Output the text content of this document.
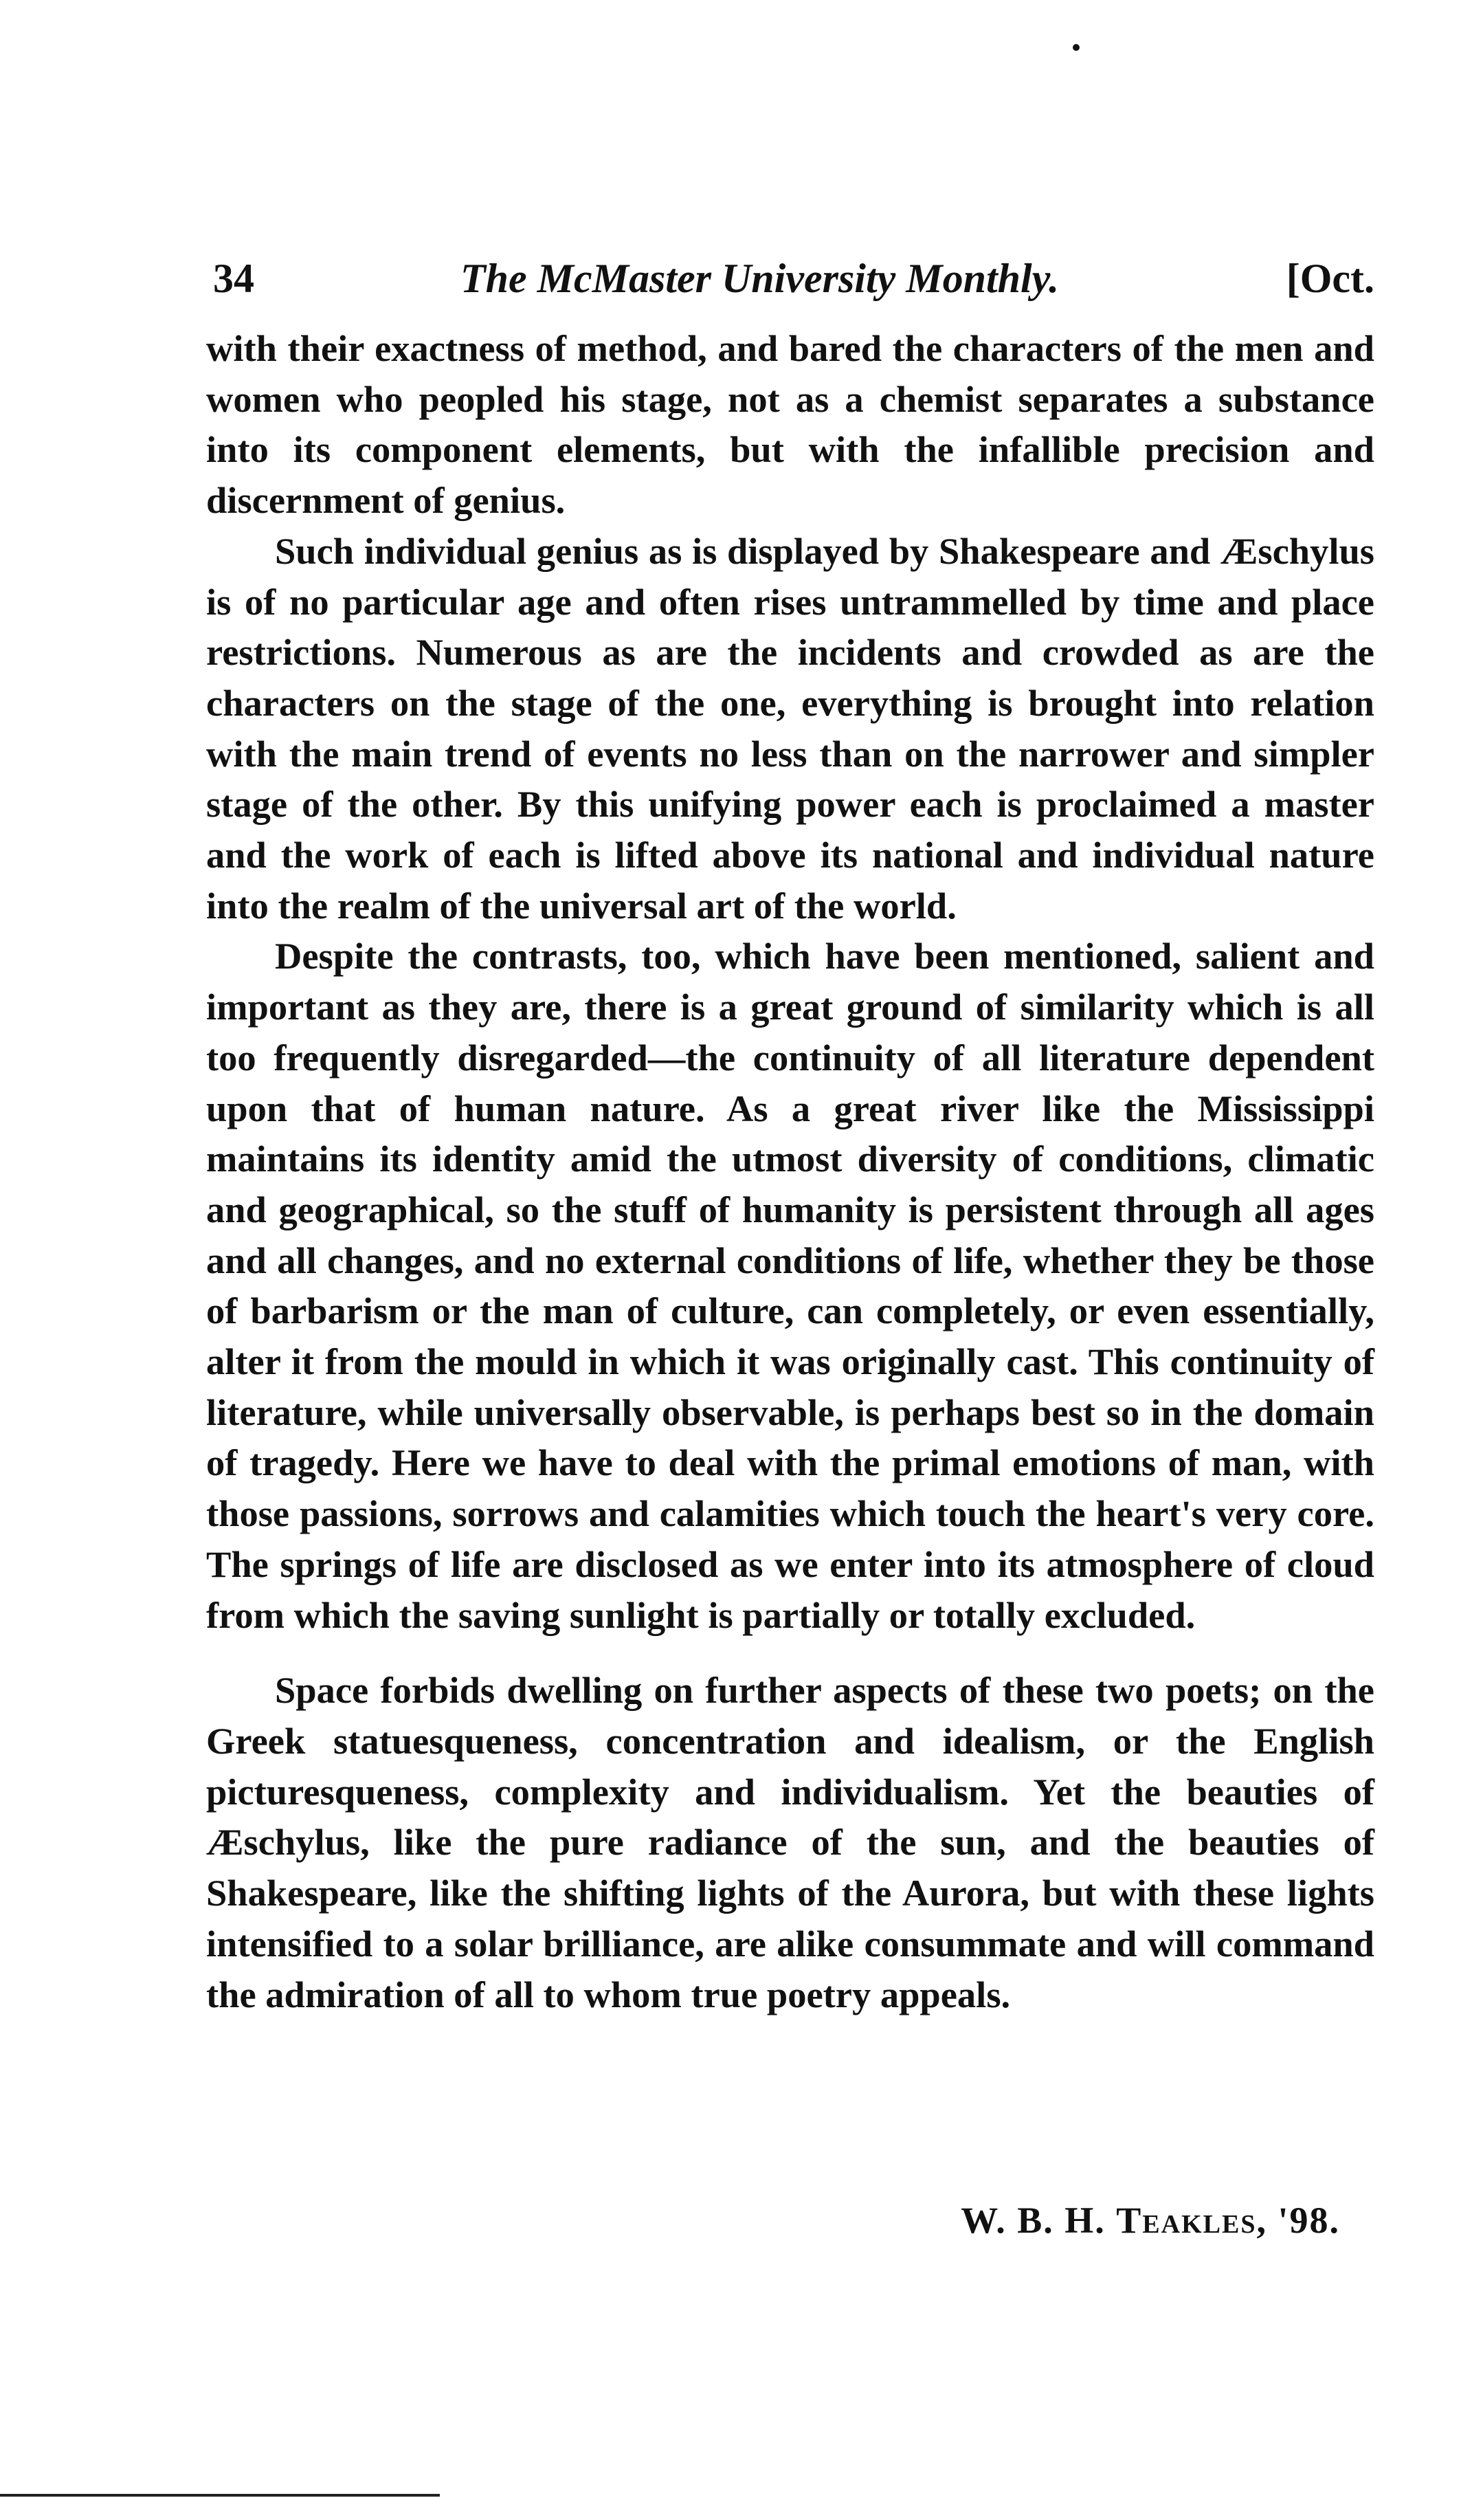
34	The McMaster University Monthly.	[Oct.

with their exactness of method, and bared the characters of the men and women who peopled his stage, not as a chemist separates a substance into its component elements, but with the infallible precision and discernment of genius.

Such individual genius as is displayed by Shakespeare and Æschylus is of no particular age and often rises untrammelled by time and place restrictions. Numerous as are the incidents and crowded as are the characters on the stage of the one, everything is brought into relation with the main trend of events no less than on the narrower and simpler stage of the other. By this unifying power each is proclaimed a master and the work of each is lifted above its national and individual nature into the realm of the universal art of the world.

Despite the contrasts, too, which have been mentioned, salient and important as they are, there is a great ground of similarity which is all too frequently disregarded—the continuity of all literature dependent upon that of human nature. As a great river like the Mississippi maintains its identity amid the utmost diversity of conditions, climatic and geographical, so the stuff of humanity is persistent through all ages and all changes, and no external conditions of life, whether they be those of barbarism or the man of culture, can completely, or even essentially, alter it from the mould in which it was originally cast. This continuity of literature, while universally observable, is perhaps best so in the domain of tragedy. Here we have to deal with the primal emotions of man, with those passions, sorrows and calamities which touch the heart's very core. The springs of life are disclosed as we enter into its atmosphere of cloud from which the saving sunlight is partially or totally excluded.

Space forbids dwelling on further aspects of these two poets; on the Greek statuesqueness, concentration and idealism, or the English picturesqueness, complexity and individualism. Yet the beauties of Æschylus, like the pure radiance of the sun, and the beauties of Shakespeare, like the shifting lights of the Aurora, but with these lights intensified to a solar brilliance, are alike consummate and will command the admiration of all to whom true poetry appeals.

W. B. H. Teakles, '98.
